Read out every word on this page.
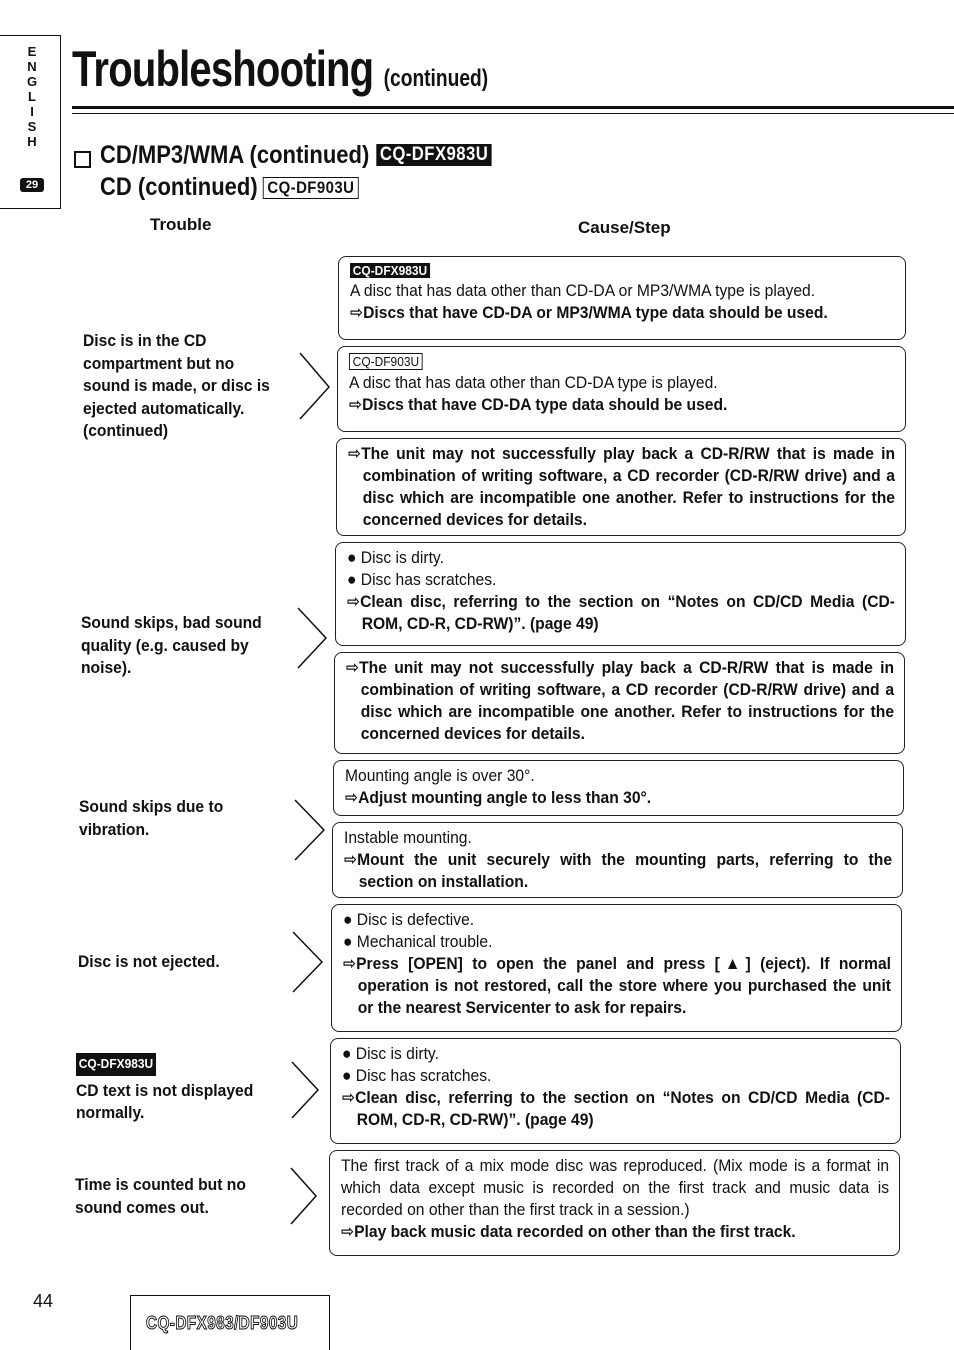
E
N
G
L
I
S
H
29
Troubleshooting (continued)
CD/MP3/WMA (continued) CQ-DFX983U
CD (continued) CQ-DF903U
Trouble	Cause/Step
Disc is in the CD compartment but no sound is made, or disc is ejected automatically. (continued)
Sound skips, bad sound quality (e.g. caused by noise).
Sound skips due to vibration.
Disc is not ejected.
CQ-DFX983U
CD text is not displayed normally.
Time is counted but no sound comes out.
CQ-DFX983U
A disc that has data other than CD-DA or MP3/WMA type is played.
⇨Discs that have CD-DA or MP3/WMA type data should be used.
CQ-DF903U
A disc that has data other than CD-DA type is played.
⇨Discs that have CD-DA type data should be used.
⇨The unit may not successfully play back a CD-R/RW that is made in combination of writing software, a CD recorder (CD-R/RW drive) and a disc which are incompatible one another. Refer to instructions for the concerned devices for details.
● Disc is dirty.
● Disc has scratches.
⇨Clean disc, referring to the section on “Notes on CD/CD Media (CD-ROM, CD-R, CD-RW)”. (page 49)
⇨The unit may not successfully play back a CD-R/RW that is made in combination of writing software, a CD recorder (CD-R/RW drive) and a disc which are incompatible one another. Refer to instructions for the concerned devices for details.
Mounting angle is over 30°.
⇨Adjust mounting angle to less than 30°.
Instable mounting.
⇨Mount the unit securely with the mounting parts, referring to the section on installation.
● Disc is defective.
● Mechanical trouble.
⇨Press [OPEN] to open the panel and press [▲] (eject). If normal operation is not restored, call the store where you purchased the unit or the nearest Servicenter to ask for repairs.
● Disc is dirty.
● Disc has scratches.
⇨Clean disc, referring to the section on “Notes on CD/CD Media (CD-ROM, CD-R, CD-RW)”. (page 49)
The first track of a mix mode disc was reproduced. (Mix mode is a format in which data except music is recorded on the first track and music data is recorded on other than the first track in a session.)
⇨Play back music data recorded on other than the first track.
44
CQ-DFX983/DF903U
